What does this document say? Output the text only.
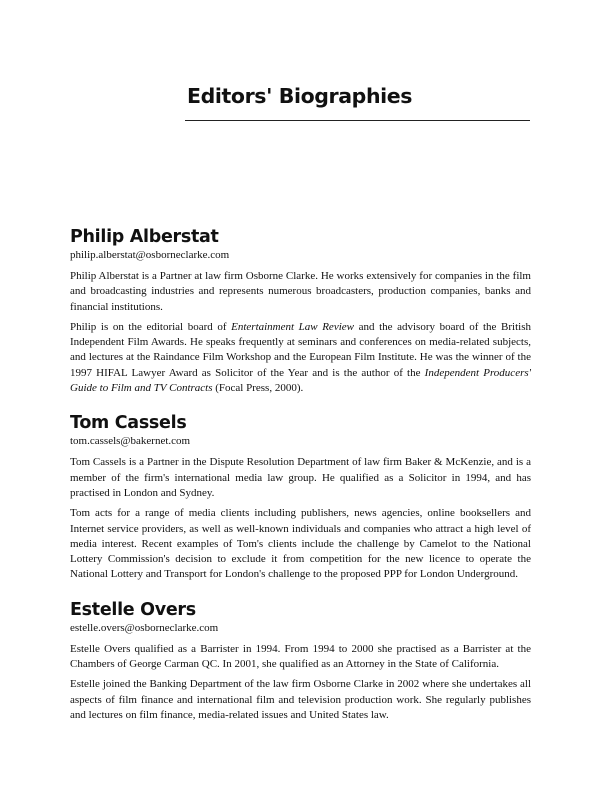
Editors' Biographies
Philip Alberstat
philip.alberstat@osborneclarke.com

Philip Alberstat is a Partner at law firm Osborne Clarke. He works extensively for companies in the film and broadcasting industries and represents numerous broadcasters, production companies, banks and financial institutions.

Philip is on the editorial board of Entertainment Law Review and the advisory board of the British Independent Film Awards. He speaks frequently at seminars and conferences on media-related subjects, and lectures at the Raindance Film Workshop and the European Film Institute. He was the winner of the 1997 HIFAL Lawyer Award as Solicitor of the Year and is the author of the Independent Producers' Guide to Film and TV Contracts (Focal Press, 2000).

Tom Cassels
tom.cassels@bakernet.com

Tom Cassels is a Partner in the Dispute Resolution Department of law firm Baker & McKenzie, and is a member of the firm's international media law group. He qualified as a Solicitor in 1994, and has practised in London and Sydney.

Tom acts for a range of media clients including publishers, news agencies, online booksellers and Internet service providers, as well as well-known individuals and companies who attract a high level of media interest. Recent examples of Tom's clients include the challenge by Camelot to the National Lottery Commission's decision to exclude it from competition for the new licence to operate the National Lottery and Transport for London's challenge to the proposed PPP for London Underground.

Estelle Overs
estelle.overs@osborneclarke.com

Estelle Overs qualified as a Barrister in 1994. From 1994 to 2000 she practised as a Barrister at the Chambers of George Carman QC. In 2001, she qualified as an Attorney in the State of California.

Estelle joined the Banking Department of the law firm Osborne Clarke in 2002 where she undertakes all aspects of film finance and international film and television production work. She regularly publishes and lectures on film finance, media-related issues and United States law.
